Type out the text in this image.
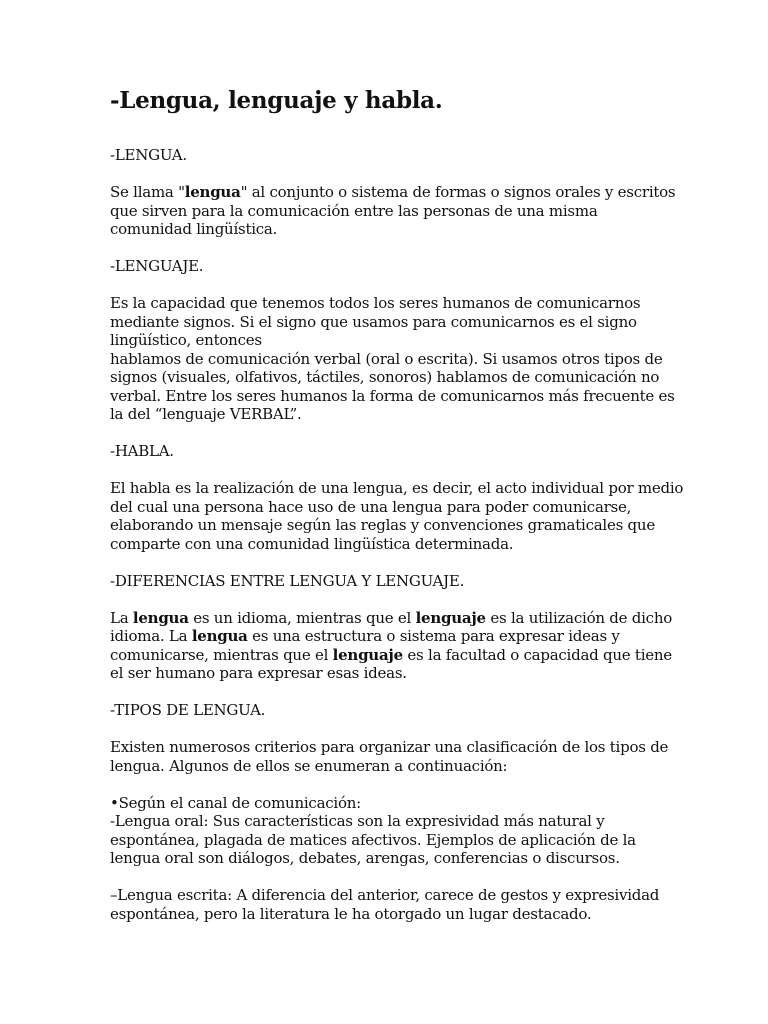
-Lengua, lenguaje y habla.

-LENGUA.

Se llama "lengua" al conjunto o sistema de formas o signos orales y escritos
que sirven para la comunicación entre las personas de una misma
comunidad lingüística.

-LENGUAJE.

Es la capacidad que tenemos todos los seres humanos de comunicarnos
mediante signos. Si el signo que usamos para comunicarnos es el signo
lingüístico, entonces
hablamos de comunicación verbal (oral o escrita). Si usamos otros tipos de
signos (visuales, olfativos, táctiles, sonoros) hablamos de comunicación no
verbal. Entre los seres humanos la forma de comunicarnos más frecuente es
la del “lenguaje VERBAL”.

-HABLA.

El habla es la realización de una lengua, es decir, el acto individual por medio
del cual una persona hace uso de una lengua para poder comunicarse,
elaborando un mensaje según las reglas y convenciones gramaticales que
comparte con una comunidad lingüística determinada.

-DIFERENCIAS ENTRE LENGUA Y LENGUAJE.

La lengua es un idioma, mientras que el lenguaje es la utilización de dicho
idioma. La lengua es una estructura o sistema para expresar ideas y
comunicarse, mientras que el lenguaje es la facultad o capacidad que tiene
el ser humano para expresar esas ideas.

-TIPOS DE LENGUA.

Existen numerosos criterios para organizar una clasificación de los tipos de
lengua. Algunos de ellos se enumeran a continuación:

•Según el canal de comunicación:
-Lengua oral: Sus características son la expresividad más natural y
espontánea, plagada de matices afectivos. Ejemplos de aplicación de la
lengua oral son diálogos, debates, arengas, conferencias o discursos.

–Lengua escrita: A diferencia del anterior, carece de gestos y expresividad
espontánea, pero la literatura le ha otorgado un lugar destacado.
